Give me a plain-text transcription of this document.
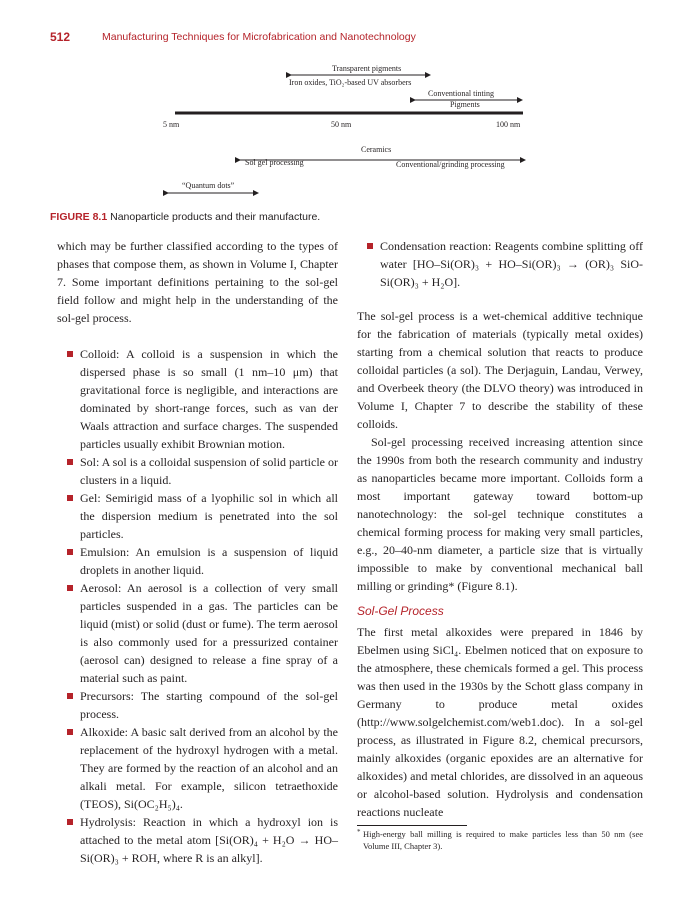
512	Manufacturing Techniques for Microfabrication and Nanotechnology
Transparent pigments
Iron oxides, TiO₂-based UV absorbers
Conventional tinting
Pigments
5 nm	50 nm	100 nm
Ceramics
Sol gel processing	Conventional/grinding processing
“Quantum dots”
FIGURE 8.1 Nanoparticle products and their manufacture.

which may be further classified according to the types of phases that compose them, as shown in Volume I, Chapter 7. Some important definitions pertaining to the sol-gel field follow and might help in the understanding of the sol-gel process.

Colloid: A colloid is a suspension in which the dispersed phase is so small (1 nm–10 μm) that gravitational force is negligible, and interactions are dominated by short-range forces, such as van der Waals attraction and surface charges. The suspended particles usually exhibit Brownian motion.
Sol: A sol is a colloidal suspension of solid particle or clusters in a liquid.
Gel: Semirigid mass of a lyophilic sol in which all the dispersion medium is penetrated into the sol particles.
Emulsion: An emulsion is a suspension of liquid droplets in another liquid.
Aerosol: An aerosol is a collection of very small particles suspended in a gas. The particles can be liquid (mist) or solid (dust or fume). The term aerosol is also commonly used for a pressurized container (aerosol can) designed to release a fine spray of a material such as paint.
Precursors: The starting compound of the sol-gel process.
Alkoxide: A basic salt derived from an alcohol by the replacement of the hydroxyl hydrogen with a metal. They are formed by the reaction of an alcohol and an alkali metal. For example, silicon tetraethoxide (TEOS), Si(OC₂H₅)₄.
Hydrolysis: Reaction in which a hydroxyl ion is attached to the metal atom [Si(OR)₄ + H₂O → HO–Si(OR)₃ + ROH, where R is an alkyl].
Condensation reaction: Reagents combine splitting off water [HO–Si(OR)₃ + HO–Si(OR)₃ → (OR)₃ SiO-Si(OR)₃ + H₂O].

The sol-gel process is a wet-chemical additive technique for the fabrication of materials (typically metal oxides) starting from a chemical solution that reacts to produce colloidal particles (a sol). The Derjaguin, Landau, Verwey, and Overbeek theory (the DLVO theory) was introduced in Volume I, Chapter 7 to describe the stability of these colloids.

Sol-gel processing received increasing attention since the 1990s from both the research community and industry as nanoparticles became more important. Colloids form a most important gateway toward bottom-up nanotechnology: the sol-gel technique constitutes a chemical forming process for making very small particles, e.g., 20–40-nm diameter, a particle size that is virtually impossible to make by conventional mechanical ball milling or grinding* (Figure 8.1).

Sol-Gel Process

The first metal alkoxides were prepared in 1846 by Ebelmen using SiCl₄. Ebelmen noticed that on exposure to the atmosphere, these chemicals formed a gel. This process was then used in the 1930s by the Schott glass company in Germany to produce metal oxides (http://www.solgelchemist.com/web1.doc). In a sol-gel process, as illustrated in Figure 8.2, chemical precursors, mainly alkoxides (organic epoxides are an alternative for alkoxides) and metal chlorides, are dissolved in an aqueous or alcohol-based solution. Hydrolysis and condensation reactions nucleate

* High-energy ball milling is required to make particles less than 50 nm (see Volume III, Chapter 3).
